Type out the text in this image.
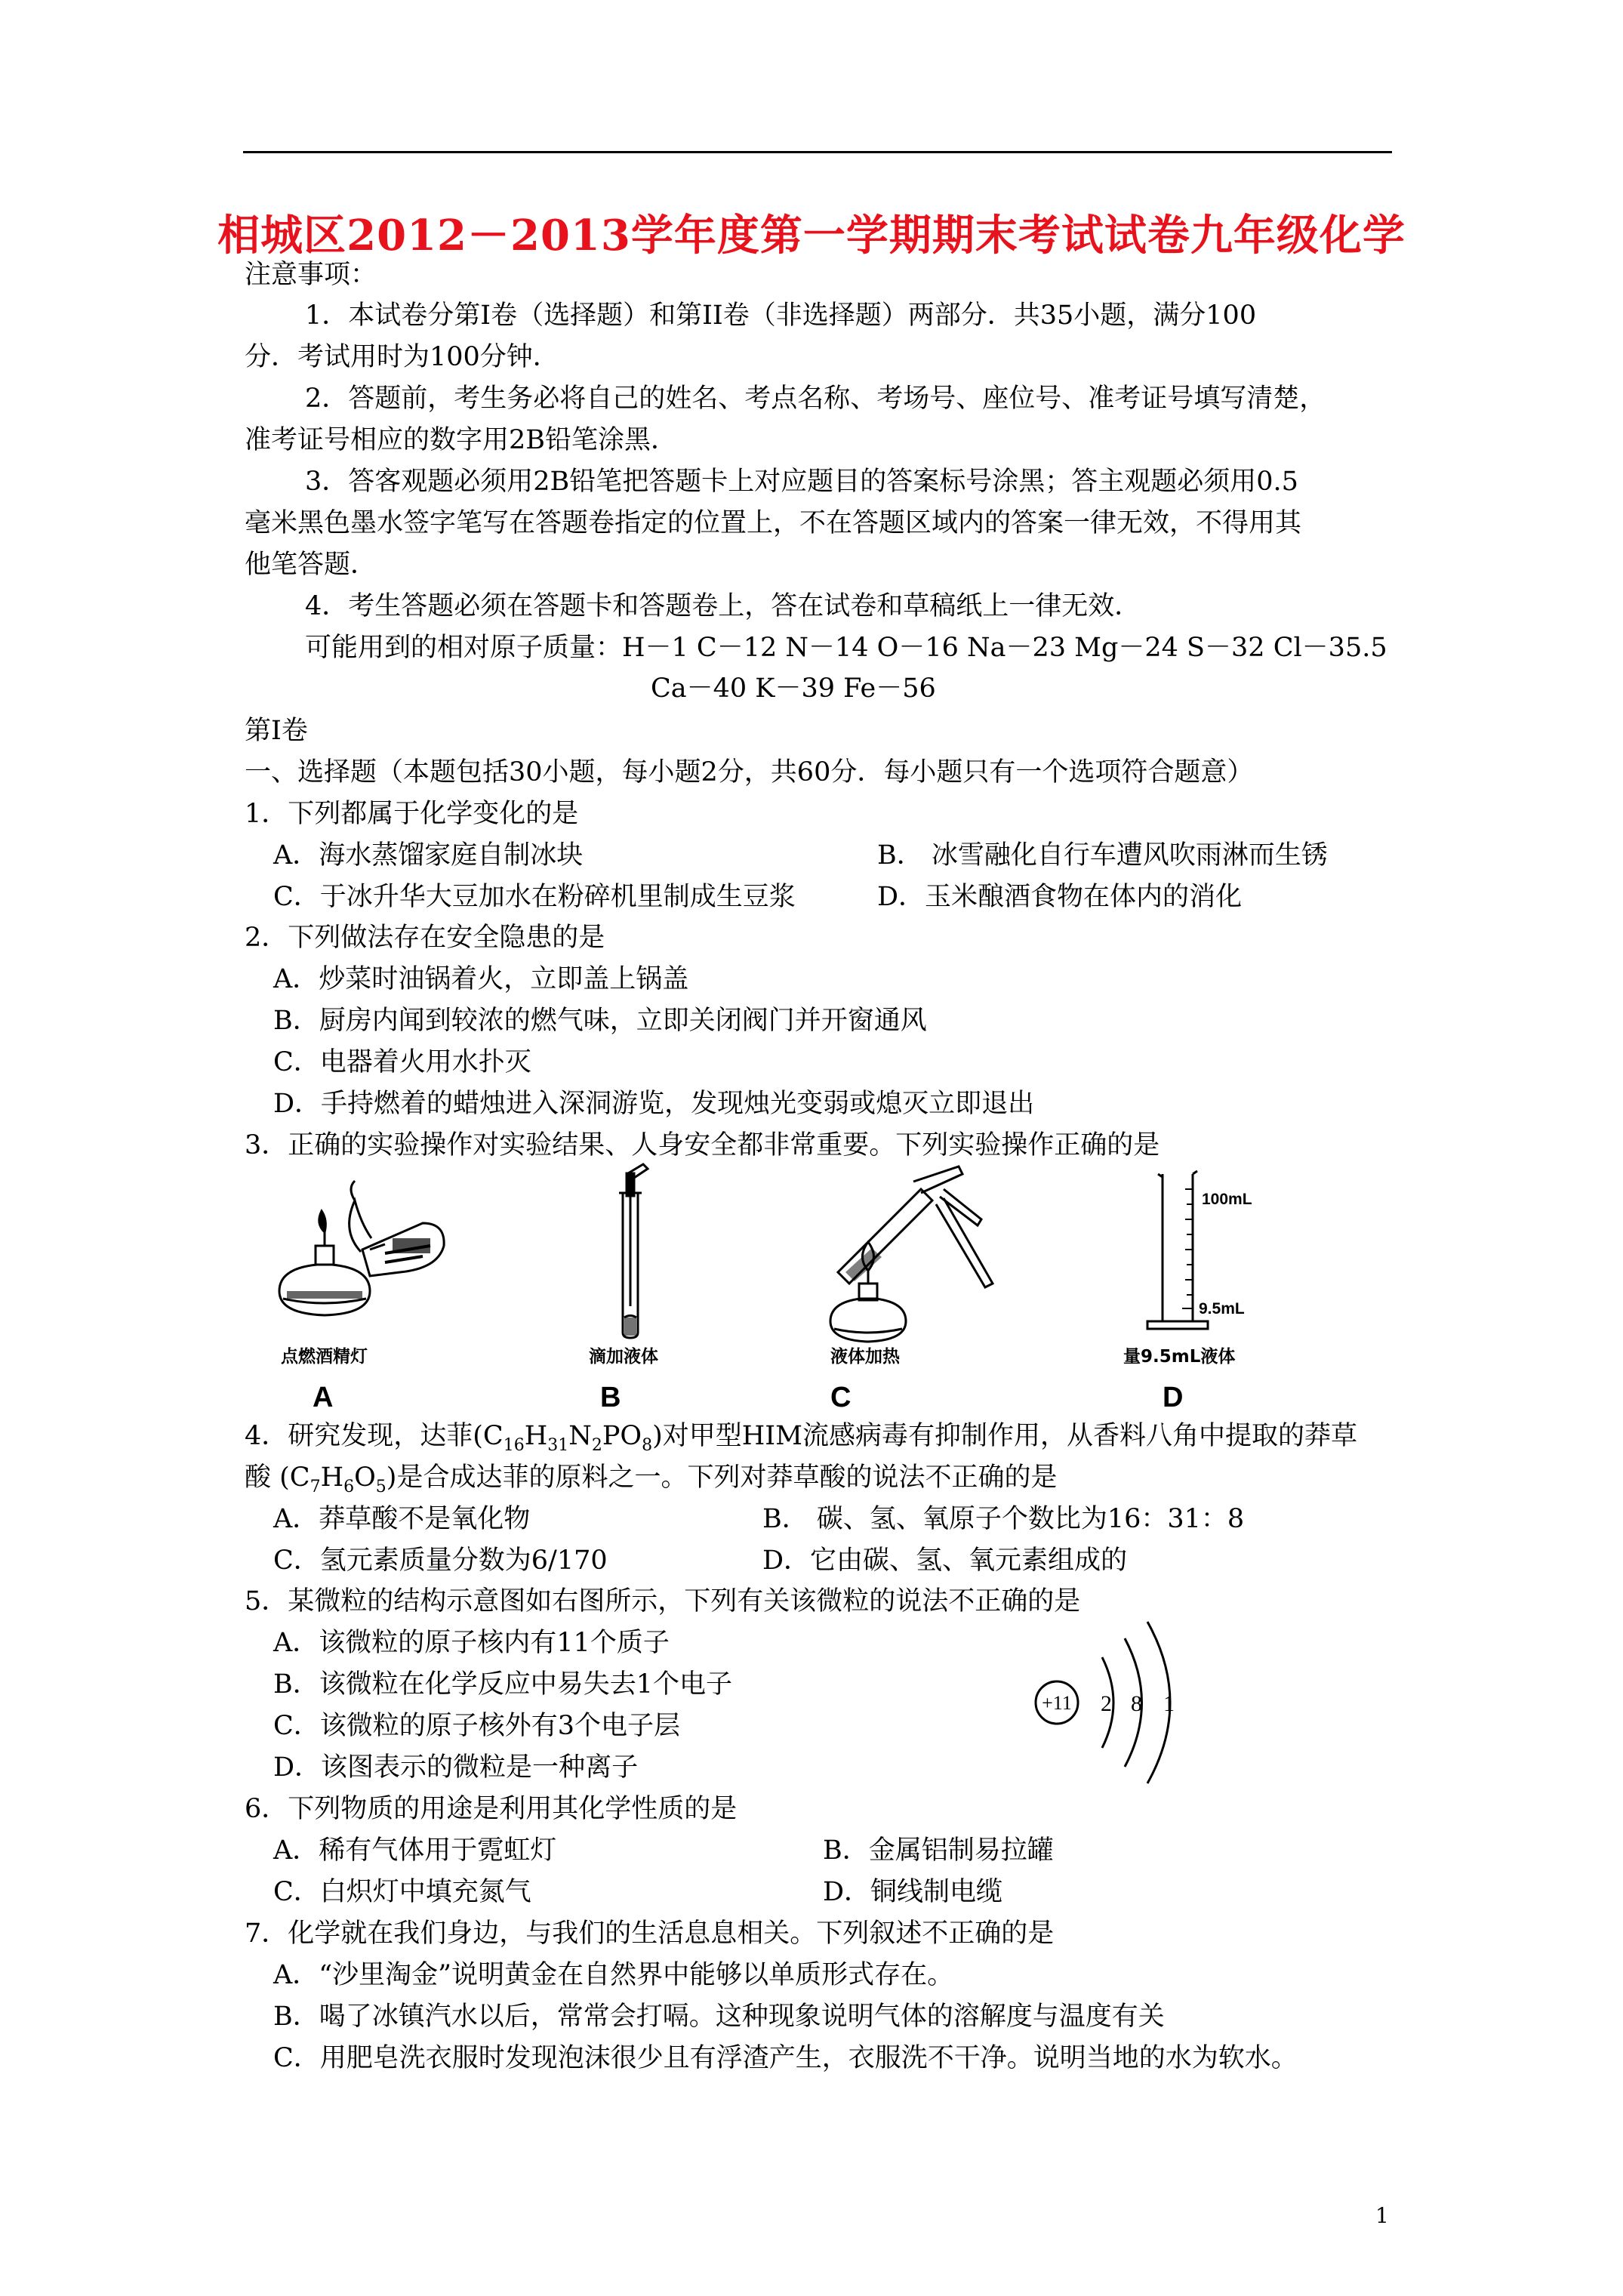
相城区2012－2013学年度第一学期期末考试试卷九年级化学
注意事项：
1．本试卷分第Ⅰ卷（选择题）和第II卷（非选择题）两部分．共35小题，满分100
分．考试用时为100分钟．
2．答题前，考生务必将自己的姓名、考点名称、考场号、座位号、准考证号填写清楚，
准考证号相应的数字用2B铅笔涂黑．
3．答客观题必须用2B铅笔把答题卡上对应题目的答案标号涂黑；答主观题必须用0.5
毫米黑色墨水签字笔写在答题卷指定的位置上，不在答题区域内的答案一律无效，不得用其
他笔答题．
4．考生答题必须在答题卡和答题卷上，答在试卷和草稿纸上一律无效．
可能用到的相对原子质量：H－1 C－12 N－14 O－16 Na－23 Mg－24 S－32 Cl－35.5
Ca－40 K－39 Fe－56
第Ⅰ卷
一、选择题（本题包括30小题，每小题2分，共60分．每小题只有一个选项符合题意）
1．下列都属于化学变化的是
A．海水蒸馏家庭自制冰块	B． 冰雪融化自行车遭风吹雨淋而生锈
C．于冰升华大豆加水在粉碎机里制成生豆浆	D．玉米酿酒食物在体内的消化
2．下列做法存在安全隐患的是
A．炒菜时油锅着火，立即盖上锅盖
B．厨房内闻到较浓的燃气味，立即关闭阀门并开窗通风
C．电器着火用水扑灭
D．手持燃着的蜡烛进入深洞游览，发现烛光变弱或熄灭立即退出
3．正确的实验操作对实验结果、人身安全都非常重要。下列实验操作正确的是
100mL
9.5mL
点燃酒精灯	滴加液体	液体加热	量9.5mL液体
A	B	C	D
4．研究发现，达菲$(C_{16}H_{31}N_2PO_8)$对甲型HIM流感病毒有抑制作用，从香料八角中提取的莽草
酸 $(C_7H_6O_5)$是合成达菲的原料之一。下列对莽草酸的说法不正确的是
A．莽草酸不是氧化物	B． 碳、氢、氧原子个数比为16：31：8
C．氢元素质量分数为6/170	D．它由碳、氢、氧元素组成的
5．某微粒的结构示意图如右图所示，下列有关该微粒的说法不正确的是
A．该微粒的原子核内有11个质子
B．该微粒在化学反应中易失去1个电子
C．该微粒的原子核外有3个电子层
D．该图表示的微粒是一种离子
+11 2 8 1
6．下列物质的用途是利用其化学性质的是
A．稀有气体用于霓虹灯	B．金属铝制易拉罐
C．白炽灯中填充氮气	D．铜线制电缆
7．化学就在我们身边，与我们的生活息息相关。下列叙述不正确的是
A．“沙里淘金”说明黄金在自然界中能够以单质形式存在。
B．喝了冰镇汽水以后，常常会打嗝。这种现象说明气体的溶解度与温度有关
C．用肥皂洗衣服时发现泡沫很少且有浮渣产生，衣服洗不干净。说明当地的水为软水。
1
